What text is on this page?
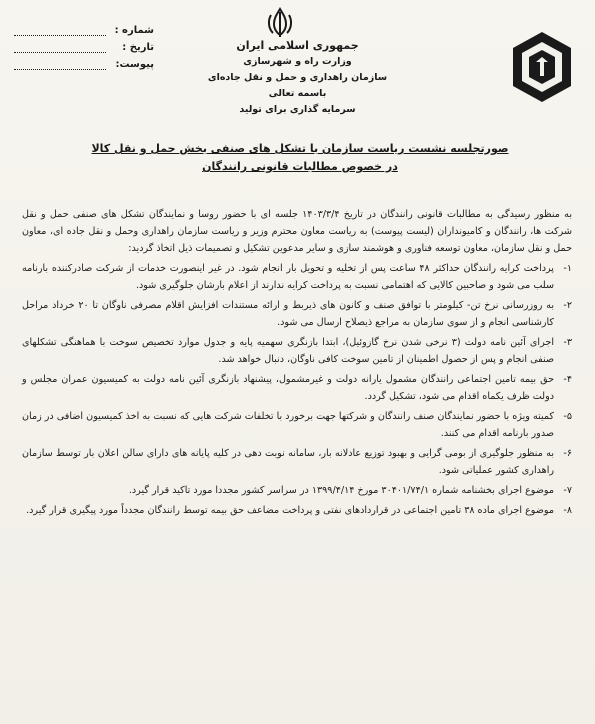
جمهوری اسلامی ایران
وزارت راه و شهرسازی
سازمان راهداری و حمل و نقل جاده‌ای
باسمه تعالی
سرمایه گذاری برای تولید
شماره :
تاریخ :
پیوست:
صورتجلسه نشست ریاست سازمان با تشکل های صنفی بخش حمل و نقل کالا
در خصوص مطالبات قانونی رانندگان

به منظور رسیدگی به مطالبات قانونی رانندگان در تاریخ ۱۴۰۳/۳/۴ جلسه ای با حضور روسا و نمایندگان تشکل های صنفی حمل و نقل شرکت ها، رانندگان و کامیونداران (لیست پیوست) به ریاست معاون محترم وزیر و ریاست سازمان راهداری وحمل و نقل جاده ای، معاون حمل و نقل سازمان، معاون توسعه فناوری و هوشمند سازی و سایر مدعوین تشکیل و تصمیمات ذیل اتخاذ گردید:

۱-
پرداخت کرایه رانندگان حداکثر ۴۸ ساعت پس از تخلیه و تحویل بار انجام شود. در غیر اینصورت خدمات از شرکت صادرکننده بارنامه سلب می شود و صاحبین کالایی که اهتمامی نسبت به پرداخت کرایه ندارند از اعلام بارشان جلوگیری شود.
۲-
به روزرسانی نرخ تن- کیلومتر با توافق صنف و کانون های ذیربط و ارائه مستندات افزایش اقلام مصرفی ناوگان تا ۲۰ خرداد مراحل کارشناسی انجام و از سوی سازمان به مراجع ذیصلاح ارسال می شود.
۳-
اجرای آئین نامه دولت (۳ نرخی شدن نرخ گازوئیل)، ابتدا بازنگری سهمیه پایه و جدول موارد تخصیص سوخت با هماهنگی تشکلهای صنفی انجام و پس از حصول اطمینان از تامین سوخت کافی ناوگان، دنبال خواهد شد.
۴-
حق بیمه تامین اجتماعی رانندگان مشمول یارانه دولت و غیرمشمول، پیشنهاد بازنگری آئین نامه دولت به کمیسیون عمران مجلس و دولت ظرف یکماه اقدام می شود، تشکیل گردد.
۵-
کمیته ویژه با حضور نمایندگان صنف رانندگان و شرکتها جهت برخورد با تخلفات شرکت هایی که نسبت به اخذ کمیسیون اضافی در زمان صدور بارنامه اقدام می کنند.
۶-
به منظور جلوگیری از بومی گرایی و بهبود توزیع عادلانه بار، سامانه نوبت دهی در کلیه پایانه های دارای سالن اعلان بار توسط سازمان راهداری کشور عملیاتی شود.
۷-
موضوع اجرای بخشنامه شماره ۳۰۴۰۱/۷۴/۱ مورخ ۱۳۹۹/۴/۱۴ در سراسر کشور مجددا مورد تاکید قرار گیرد.
۸-
موضوع اجرای ماده ۳۸ تامین اجتماعی در قراردادهای نفتی و پرداخت مضاعف حق بیمه توسط رانندگان مجدداً مورد پیگیری قرار گیرد.
